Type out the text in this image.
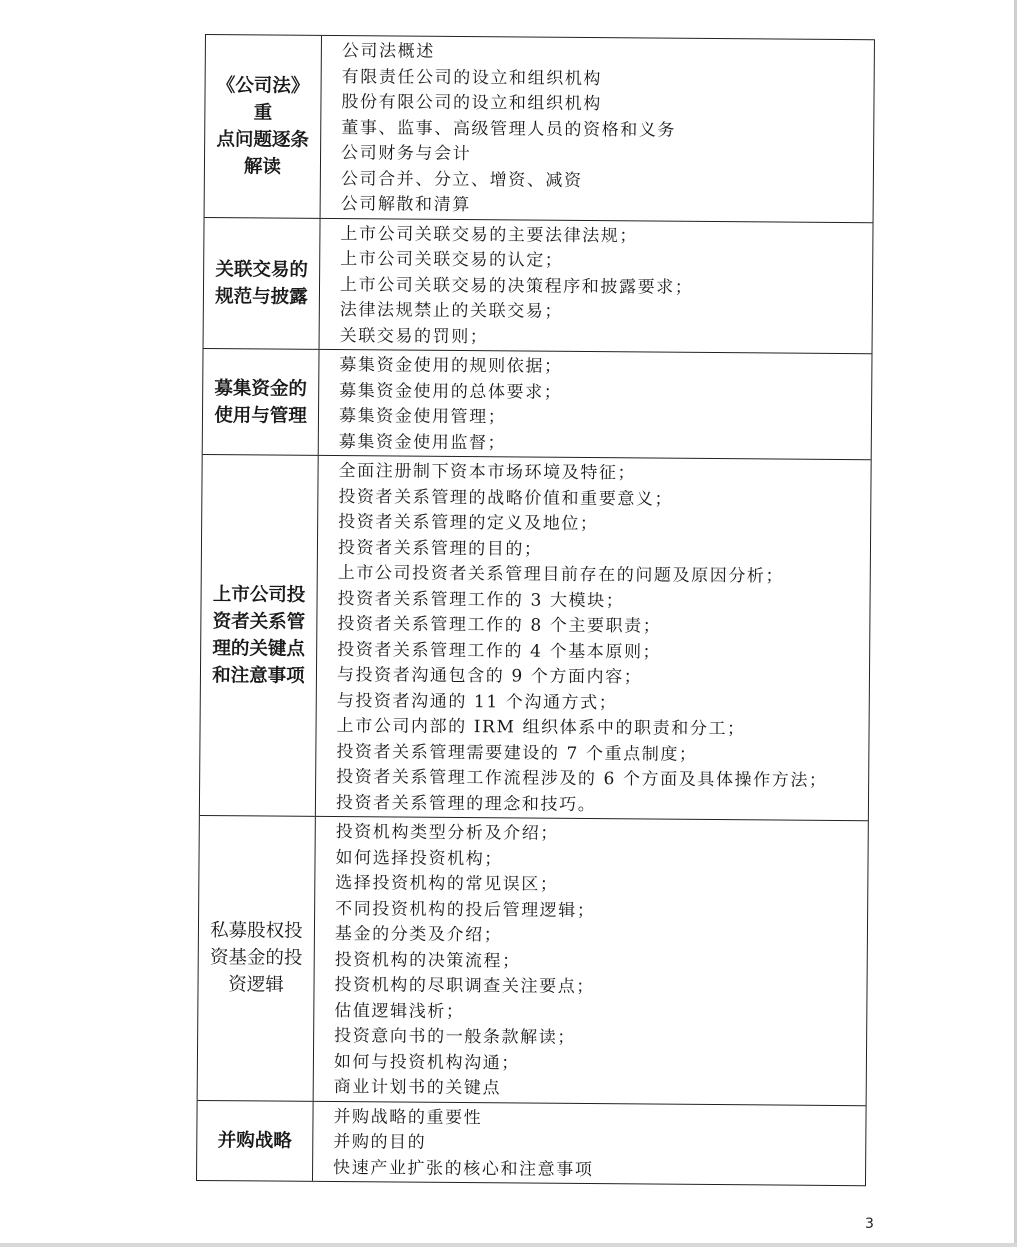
《公司法》重
点问题逐条
解读
公司法概述
有限责任公司的设立和组织机构
股份有限公司的设立和组织机构
董事、监事、高级管理人员的资格和义务
公司财务与会计
公司合并、分立、增资、减资
公司解散和清算
关联交易的
规范与披露
上市公司关联交易的主要法律法规；
上市公司关联交易的认定；
上市公司关联交易的决策程序和披露要求；
法律法规禁止的关联交易；
关联交易的罚则；
募集资金的
使用与管理
募集资金使用的规则依据；
募集资金使用的总体要求；
募集资金使用管理；
募集资金使用监督；
上市公司投
资者关系管
理的关键点
和注意事项
全面注册制下资本市场环境及特征；
投资者关系管理的战略价值和重要意义；
投资者关系管理的定义及地位；
投资者关系管理的目的；
上市公司投资者关系管理目前存在的问题及原因分析；
投资者关系管理工作的 3 大模块；
投资者关系管理工作的 8 个主要职责；
投资者关系管理工作的 4 个基本原则；
与投资者沟通包含的 9 个方面内容；
与投资者沟通的 11 个沟通方式；
上市公司内部的 IRM 组织体系中的职责和分工；
投资者关系管理需要建设的 7 个重点制度；
投资者关系管理工作流程涉及的 6 个方面及具体操作方法；
投资者关系管理的理念和技巧。
私募股权投
资基金的投
资逻辑
投资机构类型分析及介绍；
如何选择投资机构；
选择投资机构的常见误区；
不同投资机构的投后管理逻辑；
基金的分类及介绍；
投资机构的决策流程；
投资机构的尽职调查关注要点；
估值逻辑浅析；
投资意向书的一般条款解读；
如何与投资机构沟通；
商业计划书的关键点
并购战略
并购战略的重要性
并购的目的
快速产业扩张的核心和注意事项
3
